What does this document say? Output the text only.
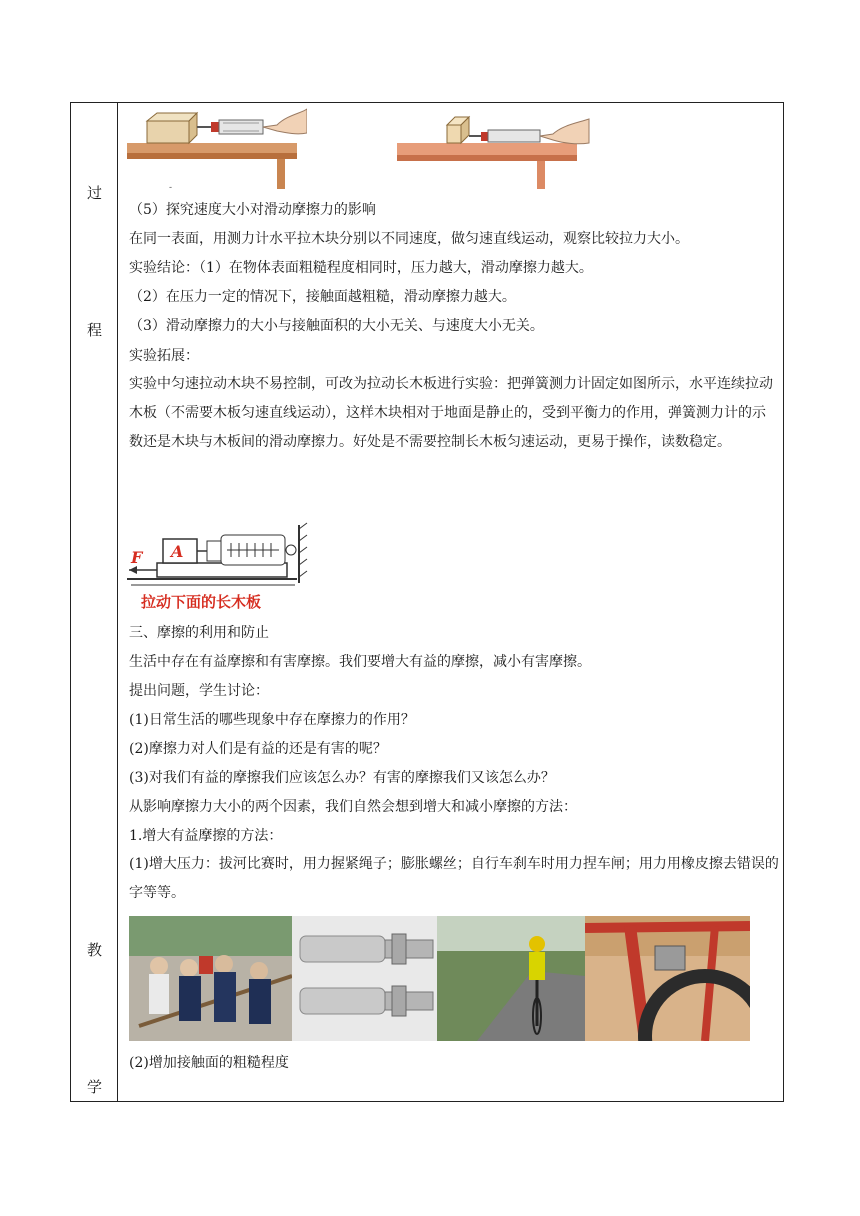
过
程
教
学
-
（5）探究速度大小对滑动摩擦力的影响
在同一表面，用测力计水平拉木块分别以不同速度，做匀速直线运动，观察比较拉力大小。
实验结论：（1）在物体表面粗糙程度相同时，压力越大，滑动摩擦力越大。
（2）在压力一定的情况下，接触面越粗糙，滑动摩擦力越大。
（3）滑动摩擦力的大小与接触面积的大小无关、与速度大小无关。
实验拓展：
实验中匀速拉动木块不易控制，可改为拉动长木板进行实验：把弹簧测力计固定如图所示，水平连续拉动木板（不需要木板匀速直线运动），这样木块相对于地面是静止的，受到平衡力的作用，弹簧测力计的示数还是木块与木板间的滑动摩擦力。好处是不需要控制长木板匀速运动，更易于操作，读数稳定。
F A
拉动下面的长木板
三、摩擦的利用和防止
生活中存在有益摩擦和有害摩擦。我们要增大有益的摩擦，减小有害摩擦。
提出问题，学生讨论：
(1)日常生活的哪些现象中存在摩擦力的作用？
(2)摩擦力对人们是有益的还是有害的呢？
(3)对我们有益的摩擦我们应该怎么办？有害的摩擦我们又该怎么办？
从影响摩擦力大小的两个因素，我们自然会想到增大和减小摩擦的方法：
1.增大有益摩擦的方法：
(1)增大压力：拔河比赛时，用力握紧绳子；膨胀螺丝；自行车刹车时用力捏车闸；用力用橡皮擦去错误的字等等。
(2)增加接触面的粗糙程度
